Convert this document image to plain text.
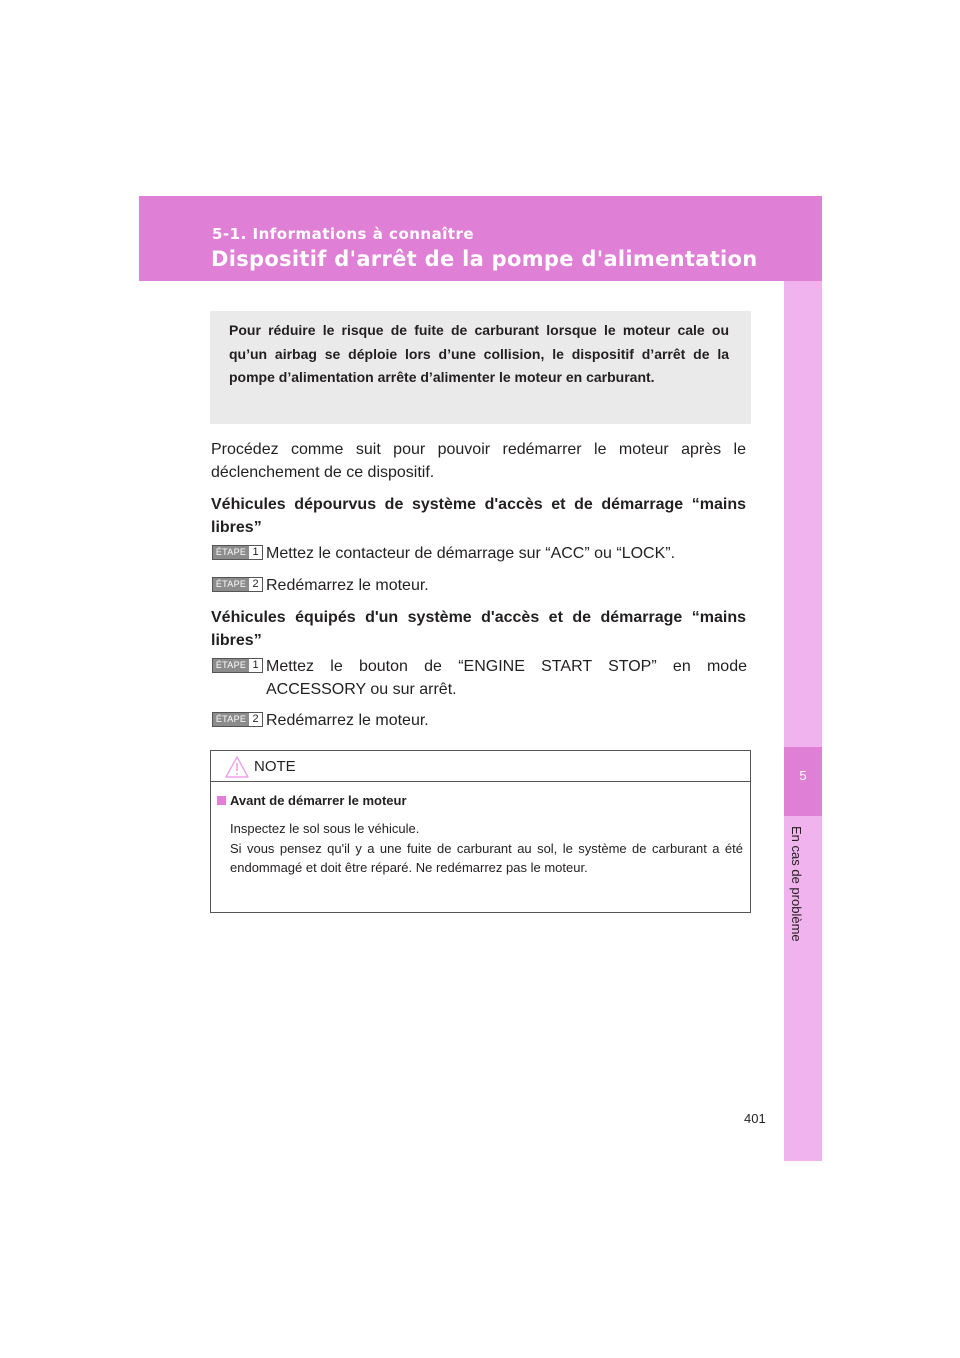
5-1. Informations à connaître
Dispositif d'arrêt de la pompe d'alimentation
5
En cas de problème

Pour réduire le risque de fuite de carburant lorsque le moteur cale ou qu’un airbag se déploie lors d’une collision, le dispositif d’arrêt de la pompe d’alimentation arrête d’alimenter le moteur en carburant.

Procédez comme suit pour pouvoir redémarrer le moteur après le déclenchement de ce dispositif.

Véhicules dépourvus de système d'accès et de démarrage “mains libres”

ÉTAPE 1 Mettez le contacteur de démarrage sur “ACC” ou “LOCK”.
ÉTAPE 2 Redémarrez le moteur.

Véhicules équipés d'un système d'accès et de démarrage “mains libres”

ÉTAPE 1 Mettez le bouton de “ENGINE START STOP” en mode ACCESSORY ou sur arrêt.
ÉTAPE 2 Redémarrez le moteur.
NOTE
Avant de démarrer le moteur

Inspectez le sol sous le véhicule.

Si vous pensez qu'il y a une fuite de carburant au sol, le système de carburant a été endommagé et doit être réparé. Ne redémarrez pas le moteur.

401
